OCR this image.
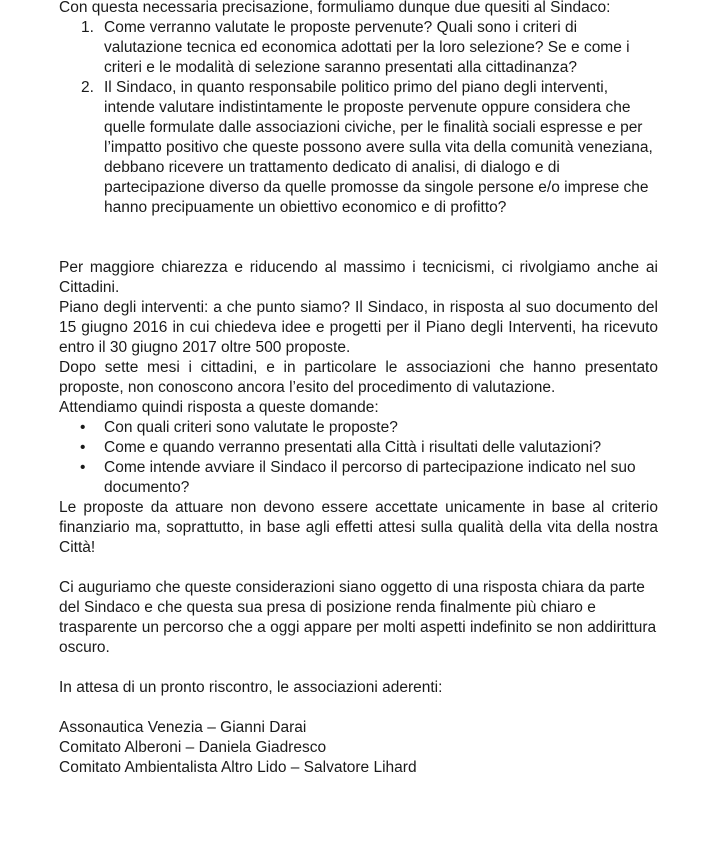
Con questa necessaria precisazione, formuliamo dunque due quesiti al Sindaco:

1. Come verranno valutate le proposte pervenute? Quali sono i criteri di valutazione tecnica ed economica adottati per la loro selezione? Se e come i criteri e le modalità di selezione saranno presentati alla cittadinanza?
2. Il Sindaco, in quanto responsabile politico primo del piano degli interventi, intende valutare indistintamente le proposte pervenute oppure considera che quelle formulate dalle associazioni civiche, per le finalità sociali espresse e per l’impatto positivo che queste possono avere sulla vita della comunità veneziana, debbano ricevere un trattamento dedicato di analisi, di dialogo e di partecipazione diverso da quelle promosse da singole persone e/o imprese che hanno precipuamente un obiettivo economico e di profitto?

Per maggiore chiarezza e riducendo al massimo i tecnicismi, ci rivolgiamo anche ai Cittadini.

Piano degli interventi: a che punto siamo? Il Sindaco, in risposta al suo documento del 15 giugno 2016 in cui chiedeva idee e progetti per il Piano degli Interventi, ha ricevuto entro il 30 giugno 2017 oltre 500 proposte.

Dopo sette mesi i cittadini, e in particolare le associazioni che hanno presentato proposte, non conoscono ancora l’esito del procedimento di valutazione.

Attendiamo quindi risposta a queste domande:

• Con quali criteri sono valutate le proposte?
• Come e quando verranno presentati alla Città i risultati delle valutazioni?
• Come intende avviare il Sindaco il percorso di partecipazione indicato nel suo documento?

Le proposte da attuare non devono essere accettate unicamente in base al criterio finanziario ma, soprattutto, in base agli effetti attesi sulla qualità della vita della nostra Città!

Ci auguriamo che queste considerazioni siano oggetto di una risposta chiara da parte del Sindaco e che questa sua presa di posizione renda finalmente più chiaro e trasparente un percorso che a oggi appare per molti aspetti indefinito se non addirittura oscuro.

In attesa di un pronto riscontro, le associazioni aderenti:

Assonautica Venezia – Gianni Darai

Comitato Alberoni – Daniela Giadresco

Comitato Ambientalista Altro Lido – Salvatore Lihard
